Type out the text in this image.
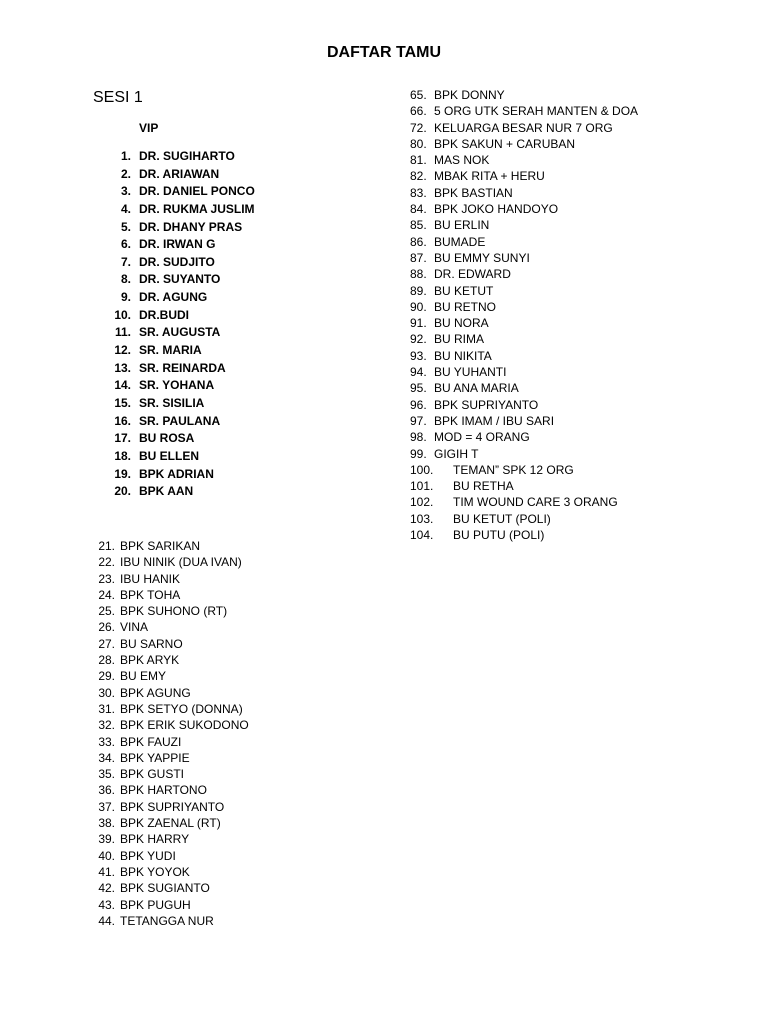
DAFTAR TAMU
SESI 1
VIP
1. DR. SUGIHARTO
2. DR. ARIAWAN
3. DR. DANIEL PONCO
4. DR. RUKMA JUSLIM
5. DR. DHANY PRAS
6. DR. IRWAN G
7. DR. SUDJITO
8. DR. SUYANTO
9. DR. AGUNG
10. DR.BUDI
11. SR. AUGUSTA
12. SR. MARIA
13. SR. REINARDA
14. SR. YOHANA
15. SR. SISILIA
16. SR. PAULANA
17. BU ROSA
18. BU ELLEN
19. BPK ADRIAN
20. BPK AAN
21. BPK SARIKAN
22. IBU NINIK (DUA IVAN)
23. IBU HANIK
24. BPK TOHA
25. BPK SUHONO (RT)
26. VINA
27. BU SARNO
28. BPK ARYK
29. BU EMY
30. BPK AGUNG
31. BPK SETYO (DONNA)
32. BPK ERIK SUKODONO
33. BPK FAUZI
34. BPK YAPPIE
35. BPK GUSTI
36. BPK HARTONO
37. BPK SUPRIYANTO
38. BPK ZAENAL (RT)
39. BPK HARRY
40. BPK YUDI
41. BPK YOYOK
42. BPK SUGIANTO
43. BPK PUGUH
44. TETANGGA NUR
65. BPK DONNY
66. 5 ORG UTK SERAH MANTEN & DOA
72. KELUARGA BESAR NUR 7 ORG
80. BPK SAKUN + CARUBAN
81. MAS NOK
82. MBAK RITA + HERU
83. BPK BASTIAN
84. BPK JOKO HANDOYO
85. BU ERLIN
86. BUMADE
87. BU EMMY SUNYI
88. DR. EDWARD
89. BU KETUT
90. BU RETNO
91. BU NORA
92. BU RIMA
93. BU NIKITA
94. BU YUHANTI
95. BU ANA MARIA
96. BPK SUPRIYANTO
97. BPK IMAM / IBU SARI
98. MOD = 4 ORANG
99. GIGIH T
100. TEMAN” SPK 12 ORG
101. BU RETHA
102. TIM WOUND CARE 3 ORANG
103. BU KETUT (POLI)
104. BU PUTU (POLI)
